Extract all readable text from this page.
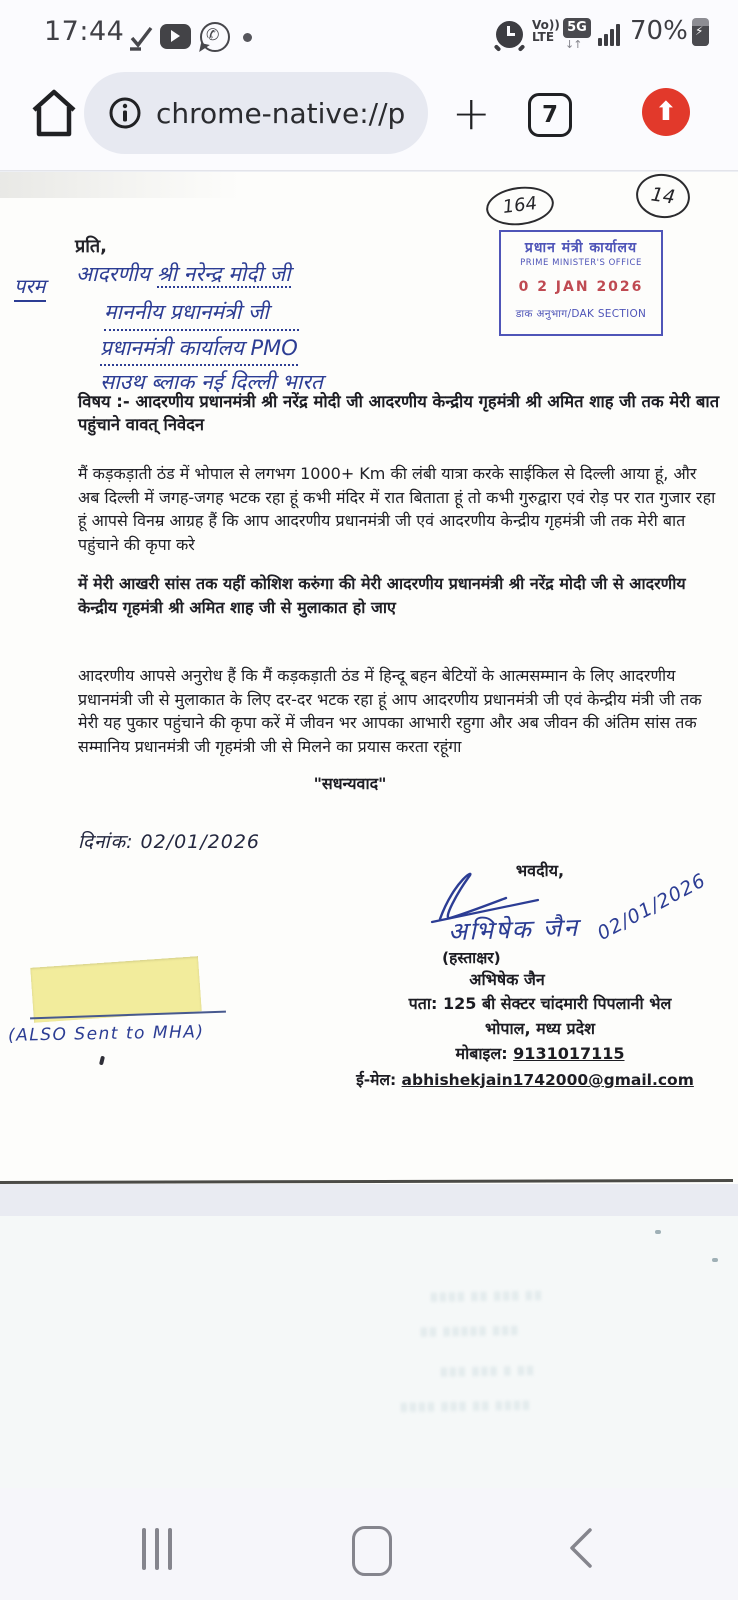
17:44 ✆	Vo))
LTE
5G
↓↑ 70% ⚡
chrome-native://p +	7	⬆
164	14
प्रधान मंत्री कार्यालय
PRIME MINISTER'S OFFICE
0 2 JAN 2026
डाक अनुभाग/DAK SECTION
प्रति,
परम आदरणीय श्री नरेन्द्र मोदी जी
माननीय प्रधानमंत्री जी
प्रधानमंत्री कार्यालय PMO
साउथ ब्लाक नई दिल्ली भारत
विषय :- आदरणीय प्रधानमंत्री श्री नरेंद्र मोदी जी आदरणीय केन्द्रीय गृहमंत्री श्री अमित शाह जी तक मेरी बात पहुंचाने वावत् निवेदन
मैं कड़कड़ाती ठंड में भोपाल से लगभग 1000+ Km की लंबी यात्रा करके साईकिल से दिल्ली आया हूं, और अब दिल्ली में जगह-जगह भटक रहा हूं कभी मंदिर में रात बिताता हूं तो कभी गुरुद्वारा एवं रोड़ पर रात गुजार रहा हूं आपसे विनम्र आग्रह हैं कि आप आदरणीय प्रधानमंत्री जी एवं आदरणीय केन्द्रीय गृहमंत्री जी तक मेरी बात पहुंचाने की कृपा करे
में मेरी आखरी सांस तक यहीं कोशिश करुंगा की मेरी आदरणीय प्रधानमंत्री श्री नरेंद्र मोदी जी से आदरणीय केन्द्रीय गृहमंत्री श्री अमित शाह जी से मुलाकात हो जाए
आदरणीय आपसे अनुरोध हैं कि मैं कड़कड़ाती ठंड में हिन्दू बहन बेटियों के आत्मसम्मान के लिए आदरणीय प्रधानमंत्री जी से मुलाकात के लिए दर-दर भटक रहा हूं आप आदरणीय प्रधानमंत्री जी एवं केन्द्रीय मंत्री जी तक मेरी यह पुकार पहुंचाने की कृपा करें में जीवन भर आपका आभारी रहुगा और अब जीवन की अंतिम सांस तक सम्मानिय प्रधानमंत्री जी गृहमंत्री जी से मिलने का प्रयास करता रहूंगा
"सधन्यवाद"
दिनांक: 02/01/2026
भवदीय,
अभिषेक जैन 02/01/2026
(हस्ताक्षर)
अभिषेक जैन
पता: 125 बी सेक्टर चांदमारी पिपलानी भेल
भोपाल, मध्य प्रदेश
मोबाइल: 9131017115
ई-मेल: abhishekjain1742000@gmail.com
(ALSO Sent to MHA)
॥॥ ॥॥॥ ॥॥ ॥॥॥॥
॥॥॥ ॥॥॥॥॥ ॥॥
॥॥ ॥ ॥॥॥ ॥॥॥
॥॥॥॥ ॥॥ ॥॥॥ ॥॥॥॥
